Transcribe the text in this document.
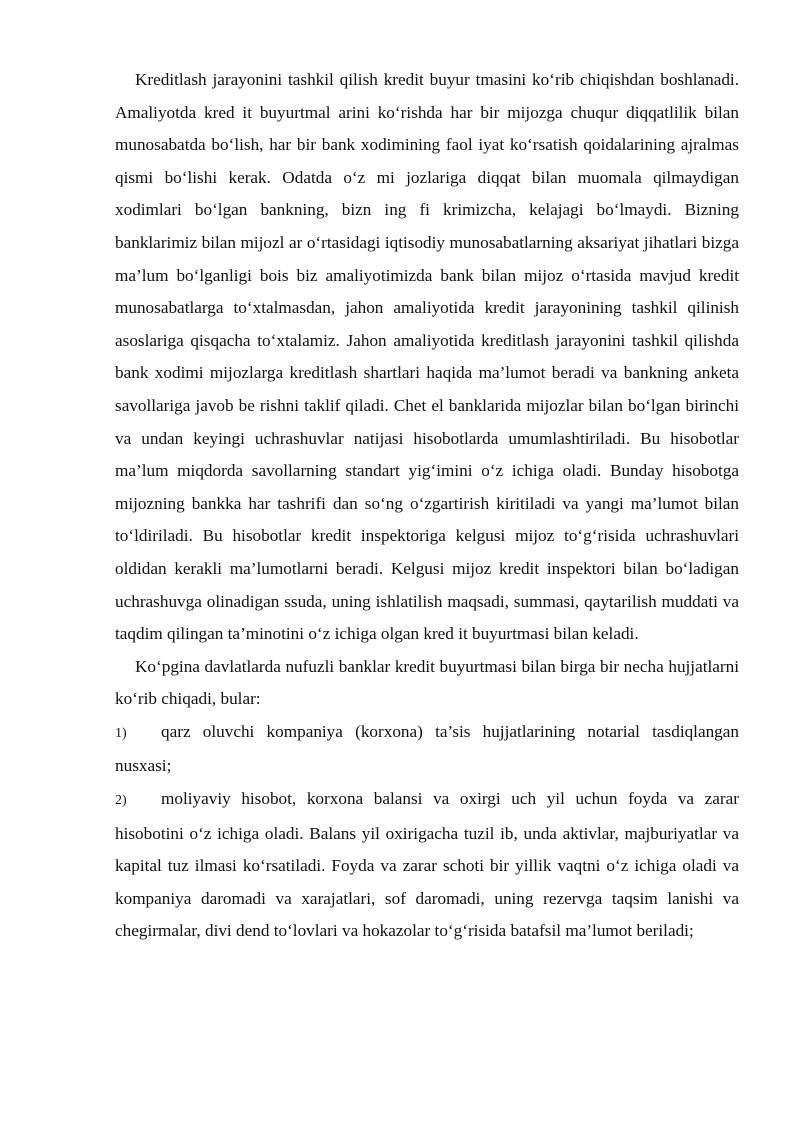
Kreditlash jarayonini tashkil qilish kredit buyur tmasini ko‘rib chiqishdan boshlanadi. Amaliyotda kred it buyurtmal arini ko‘rishda har bir mijozga chuqur diqqatlilik bilan munosabatda bo‘lish, har bir bank xodimining faol iyat ko‘rsatish qoidalarining ajralmas qismi bo‘lishi kerak. Odatda o‘z mi jozlariga diqqat bilan muomala qilmaydigan xodimlari bo‘lgan bankning, bizn ing fi krimizcha, kelajagi bo‘lmaydi. Bizning banklarimiz bilan mijozl ar o‘rtasidagi iqtisodiy munosabatlarning aksariyat jihatlari bizga ma’lum bo‘lganligi bois biz amaliyotimizda bank bilan mijoz o‘rtasida mavjud kredit munosabatlarga to‘xtalmasdan, jahon amaliyotida kredit jarayonining tashkil qilinish asoslariga qisqacha to‘xtalamiz. Jahon amaliyotida kreditlash jarayonini tashkil qilishda bank xodimi mijozlarga kreditlash shartlari haqida ma’lumot beradi va bankning anketa savollariga javob be rishni taklif qiladi. Chet el banklarida mijozlar bilan bo‘lgan birinchi va undan keyingi uchrashuvlar natijasi hisobotlarda umumlashtiriladi. Bu hisobotlar ma’lum miqdorda savollarning standart yig‘imini o‘z ichiga oladi. Bunday hisobotga mijozning bankka har tashrifi dan so‘ng o‘zgartirish kiritiladi va yangi ma’lumot bilan to‘ldiriladi. Bu hisobotlar kredit inspektoriga kelgusi mijoz to‘g‘risida uchrashuvlari oldidan kerakli ma’lumotlarni beradi. Kelgusi mijoz kredit inspektori bilan bo‘ladigan uchrashuvga olinadigan ssuda, uning ishlatilish maqsadi, summasi, qaytarilish muddati va taqdim qilingan ta’minotini o‘z ichiga olgan kred it buyurtmasi bilan keladi.

Ko‘pgina davlatlarda nufuzli banklar kredit buyurtmasi bilan birga bir necha hujjatlarni ko‘rib chiqadi, bular:

1) qarz oluvchi kompaniya (korxona) ta’sis hujjatlarining notarial tasdiqlangan nusxasi;

2) moliyaviy hisobot, korxona balansi va oxirgi uch yil uchun foyda va zarar hisobotini o‘z ichiga oladi. Balans yil oxirigacha tuzil ib, unda aktivlar, majburiyatlar va kapital tuz ilmasi ko‘rsatiladi. Foyda va zarar schoti bir yillik vaqtni o‘z ichiga oladi va kompaniya daromadi va xarajatlari, sof daromadi, uning rezervga taqsim lanishi va chegirmalar, divi dend to‘lovlari va hokazolar to‘g‘risida batafsil ma’lumot beriladi;
